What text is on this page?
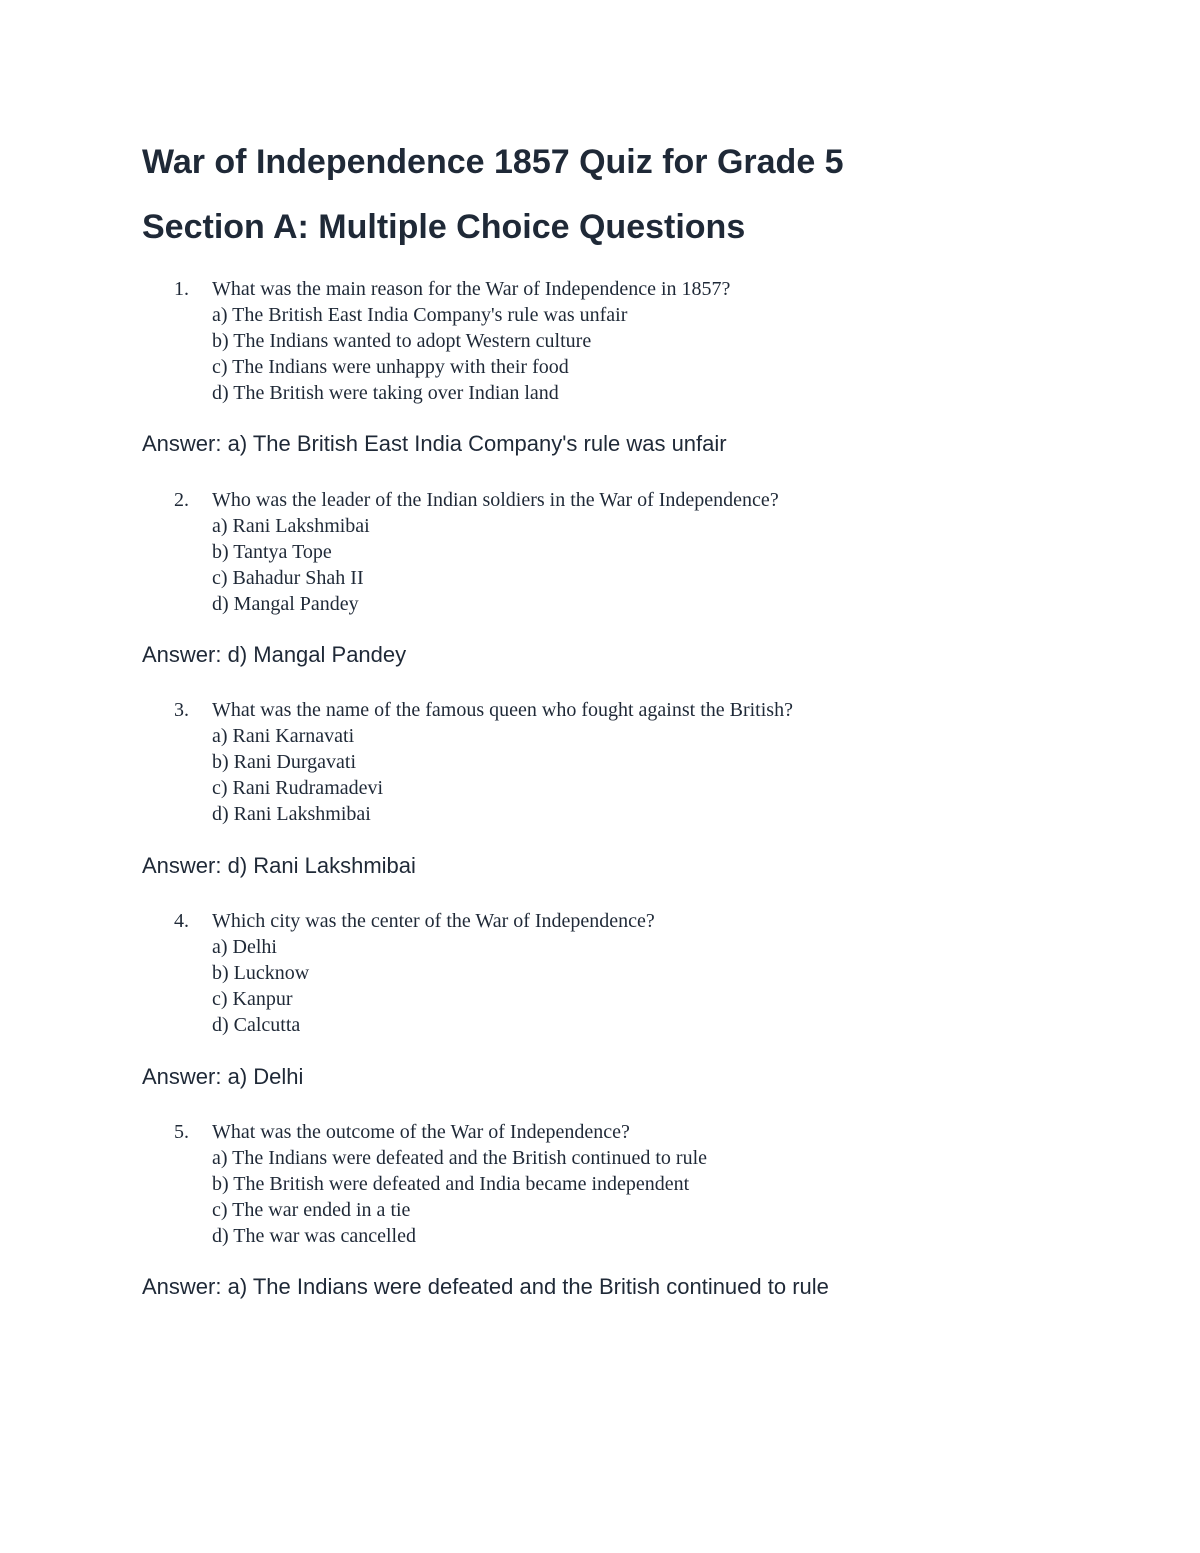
War of Independence 1857 Quiz for Grade 5
Section A: Multiple Choice Questions
1.	What was the main reason for the War of Independence in 1857?
a) The British East India Company's rule was unfair
b) The Indians wanted to adopt Western culture
c) The Indians were unhappy with their food
d) The British were taking over Indian land
Answer: a) The British East India Company's rule was unfair
2.	Who was the leader of the Indian soldiers in the War of Independence?
a) Rani Lakshmibai
b) Tantya Tope
c) Bahadur Shah II
d) Mangal Pandey
Answer: d) Mangal Pandey
3.	What was the name of the famous queen who fought against the British?
a) Rani Karnavati
b) Rani Durgavati
c) Rani Rudramadevi
d) Rani Lakshmibai
Answer: d) Rani Lakshmibai
4.	Which city was the center of the War of Independence?
a) Delhi
b) Lucknow
c) Kanpur
d) Calcutta
Answer: a) Delhi
5.	What was the outcome of the War of Independence?
a) The Indians were defeated and the British continued to rule
b) The British were defeated and India became independent
c) The war ended in a tie
d) The war was cancelled
Answer: a) The Indians were defeated and the British continued to rule
